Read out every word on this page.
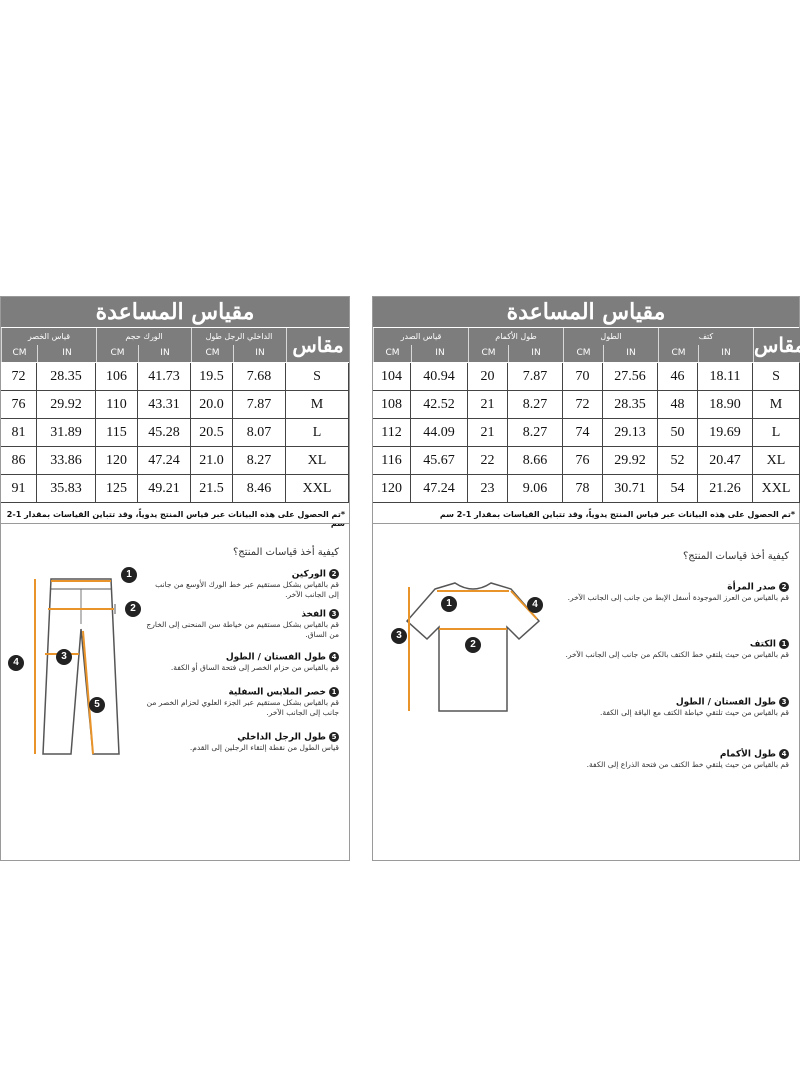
مقياس المساعدة
قياس الخصر	الورك حجم	الداخلي الرجل طول
CM	IN	CM	IN	CM	IN	مقاس
72	28.35	106	41.73	19.5	7.68	S
76	29.92	110	43.31	20.0	7.87	M
81	31.89	115	45.28	20.5	8.07	L
86	33.86	120	47.24	21.0	8.27	XL
91	35.83	125	49.21	21.5	8.46	XXL
*تم الحصول على هذه البيانات عبر قياس المنتج يدوياً، وقد تتباين القياسات بمقدار 1-2 سم
كيفية أخذ قياسات المنتج؟
1
2
3
4
5
2الوركين
قم بالقياس بشكل مستقيم عبر خط الورك الأوسع من جانب إلى الجانب الآخر.
3الفخذ
قم بالقياس بشكل مستقيم من خياطة سن المنحنى إلى الخارج من الساق.
4طول الفستان / الطول
قم بالقياس من حزام الخصر إلى فتحة الساق أو الكفة.
1خصر الملابس السفلية
قم بالقياس بشكل مستقيم عبر الجزء العلوي لحزام الخصر من جانب إلى الجانب الآخر.
5طول الرجل الداخلي
قياس الطول من نقطة إلتقاء الرجلين إلى القدم.
مقياس المساعدة
قياس الصدر	طول الأكمام	الطول	كتف
CM	IN	CM	IN	CM	IN	CM	IN	مقاس
104	40.94	20	7.87	70	27.56	46	18.11	S
108	42.52	21	8.27	72	28.35	48	18.90	M
112	44.09	21	8.27	74	29.13	50	19.69	L
116	45.67	22	8.66	76	29.92	52	20.47	XL
120	47.24	23	9.06	78	30.71	54	21.26	XXL
*تم الحصول على هذه البيانات عبر قياس المنتج يدوياً، وقد تتباين القياسات بمقدار 1-2 سم
كيفية أخذ قياسات المنتج؟
1
2
3
4
2صدر المرأة
قم بالقياس من العرز الموجودة أسفل الإبط من جانب إلى الجانب الآخر.
1الكتف
قم بالقياس من حيث يلتقي خط الكتف بالكم من جانب إلى الجانب الآخر.
3طول الفستان / الطول
قم بالقياس من حيث تلتقي خياطة الكتف مع الياقة إلى الكفة.
4طول الأكمام
قم بالقياس من حيث يلتقي خط الكتف من فتحة الذراع إلى الكفة.
